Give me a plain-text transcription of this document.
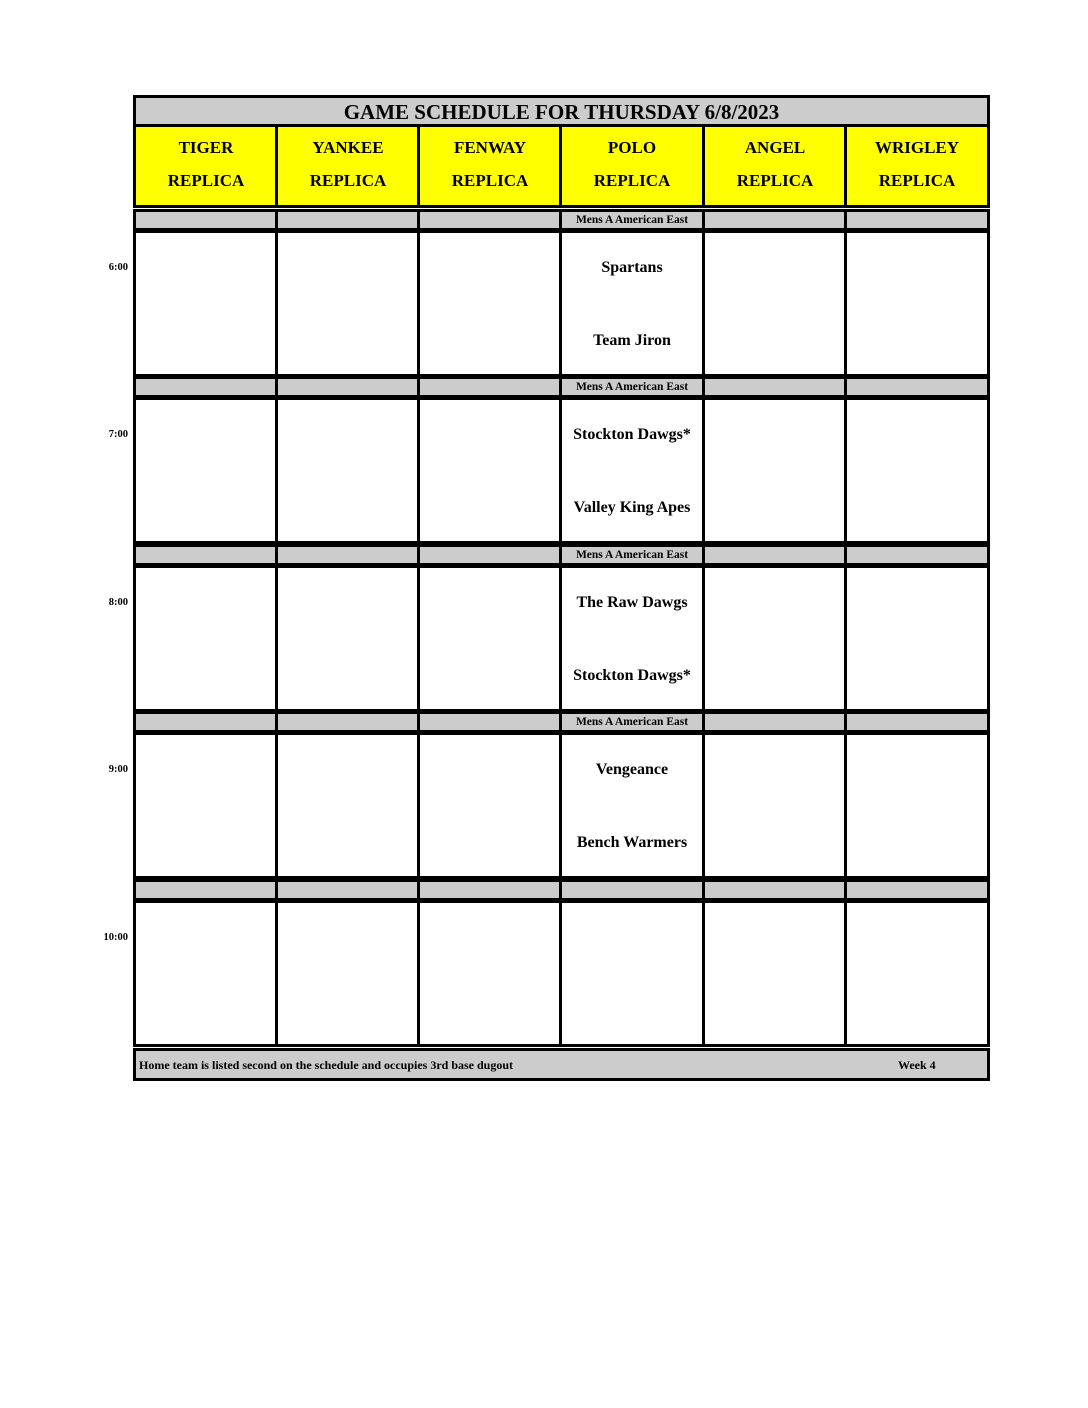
GAME SCHEDULE FOR THURSDAY 6/8/2023
TIGER
REPLICA
YANKEE
REPLICA
FENWAY
REPLICA
POLO
REPLICA
ANGEL
REPLICA
WRIGLEY
REPLICA
6:00
Mens A American East
Spartans
Team Jiron
7:00
Mens A American East
Stockton Dawgs*
Valley King Apes
8:00
Mens A American East
The Raw Dawgs
Stockton Dawgs*
9:00
Mens A American East
Vengeance
Bench Warmers
10:00
Home team is listed second on the schedule and occupies 3rd base dugout	Week 4
